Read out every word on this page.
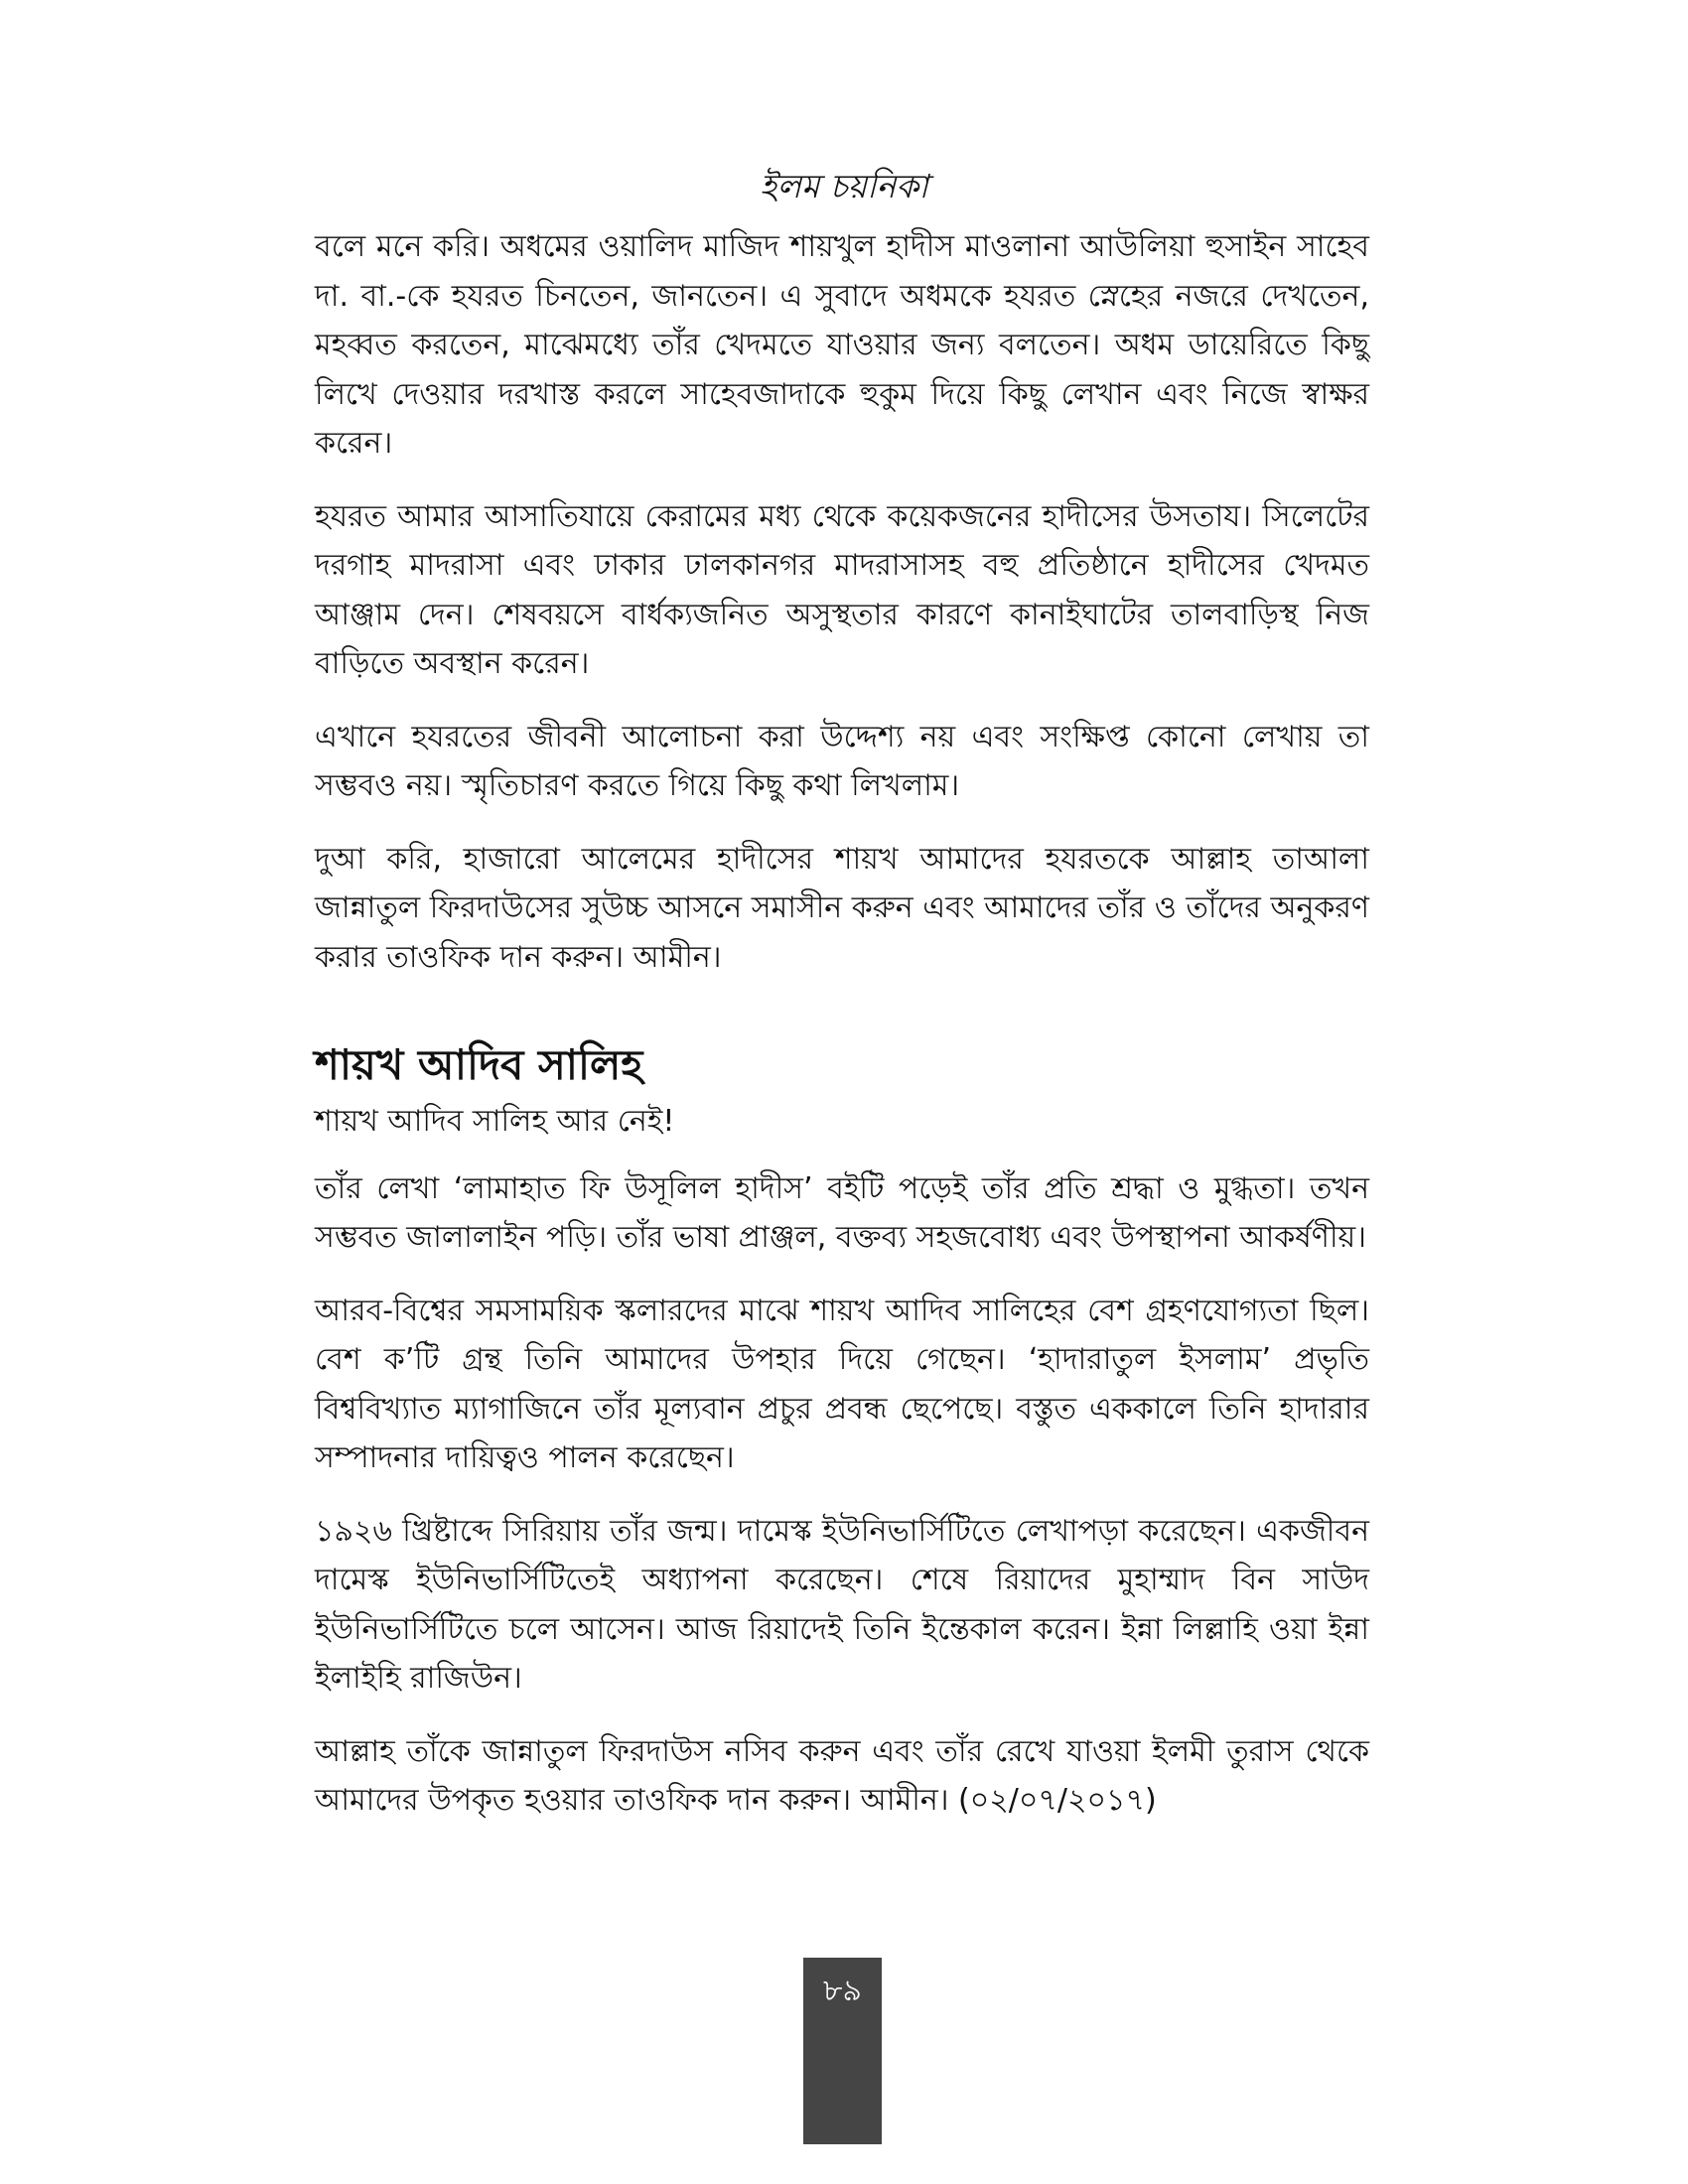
ইলম চয়নিকা

বলে মনে করি। অধমের ওয়ালিদ মাজিদ শায়খুল হাদীস মাওলানা আউলিয়া হুসাইন সাহেব দা. বা.-কে হযরত চিনতেন, জানতেন। এ সুবাদে অধমকে হযরত স্নেহের নজরে দেখতেন, মহব্বত করতেন, মাঝেমধ্যে তাঁর খেদমতে যাওয়ার জন্য বলতেন। অধম ডায়েরিতে কিছু লিখে দেওয়ার দরখাস্ত করলে সাহেবজাদাকে হুকুম দিয়ে কিছু লেখান এবং নিজে স্বাক্ষর করেন।

হযরত আমার আসাতিযায়ে কেরামের মধ্য থেকে কয়েকজনের হাদীসের উসতায। সিলেটের দরগাহ মাদরাসা এবং ঢাকার ঢালকানগর মাদরাসাসহ বহু প্রতিষ্ঠানে হাদীসের খেদমত আঞ্জাম দেন। শেষবয়সে বার্ধক্যজনিত অসুস্থতার কারণে কানাইঘাটের তালবাড়িস্থ নিজ বাড়িতে অবস্থান করেন।

এখানে হযরতের জীবনী আলোচনা করা উদ্দেশ্য নয় এবং সংক্ষিপ্ত কোনো লেখায় তা সম্ভবও নয়। স্মৃতিচারণ করতে গিয়ে কিছু কথা লিখলাম।

দুআ করি, হাজারো আলেমের হাদীসের শায়খ আমাদের হযরতকে আল্লাহ তাআলা জান্নাতুল ফিরদাউসের সুউচ্চ আসনে সমাসীন করুন এবং আমাদের তাঁর ও তাঁদের অনুকরণ করার তাওফিক দান করুন। আমীন।

শায়খ আদিব সালিহ

শায়খ আদিব সালিহ আর নেই!

তাঁর লেখা ‘লামাহাত ফি উসূলিল হাদীস’ বইটি পড়েই তাঁর প্রতি শ্রদ্ধা ও মুগ্ধতা। তখন সম্ভবত জালালাইন পড়ি। তাঁর ভাষা প্রাঞ্জল, বক্তব্য সহজবোধ্য এবং উপস্থাপনা আকর্ষণীয়।

আরব-বিশ্বের সমসাময়িক স্কলারদের মাঝে শায়খ আদিব সালিহের বেশ গ্রহণযোগ্যতা ছিল। বেশ ক’টি গ্রন্থ তিনি আমাদের উপহার দিয়ে গেছেন। ‘হাদারাতুল ইসলাম’ প্রভৃতি বিশ্ববিখ্যাত ম্যাগাজিনে তাঁর মূল্যবান প্রচুর প্রবন্ধ ছেপেছে। বস্তুত এককালে তিনি হাদারার সম্পাদনার দায়িত্বও পালন করেছেন।

১৯২৬ খ্রিষ্টাব্দে সিরিয়ায় তাঁর জন্ম। দামেস্ক ইউনিভার্সিটিতে লেখাপড়া করেছেন। একজীবন দামেস্ক ইউনিভার্সিটিতেই অধ্যাপনা করেছেন। শেষে রিয়াদের মুহাম্মাদ বিন সাউদ ইউনিভার্সিটিতে চলে আসেন। আজ রিয়াদেই তিনি ইন্তেকাল করেন। ইন্না লিল্লাহি ওয়া ইন্না ইলাইহি রাজিউন।

আল্লাহ তাঁকে জান্নাতুল ফিরদাউস নসিব করুন এবং তাঁর রেখে যাওয়া ইলমী তুরাস থেকে আমাদের উপকৃত হওয়ার তাওফিক দান করুন। আমীন। (০২/০৭/২০১৭)

৮৯
